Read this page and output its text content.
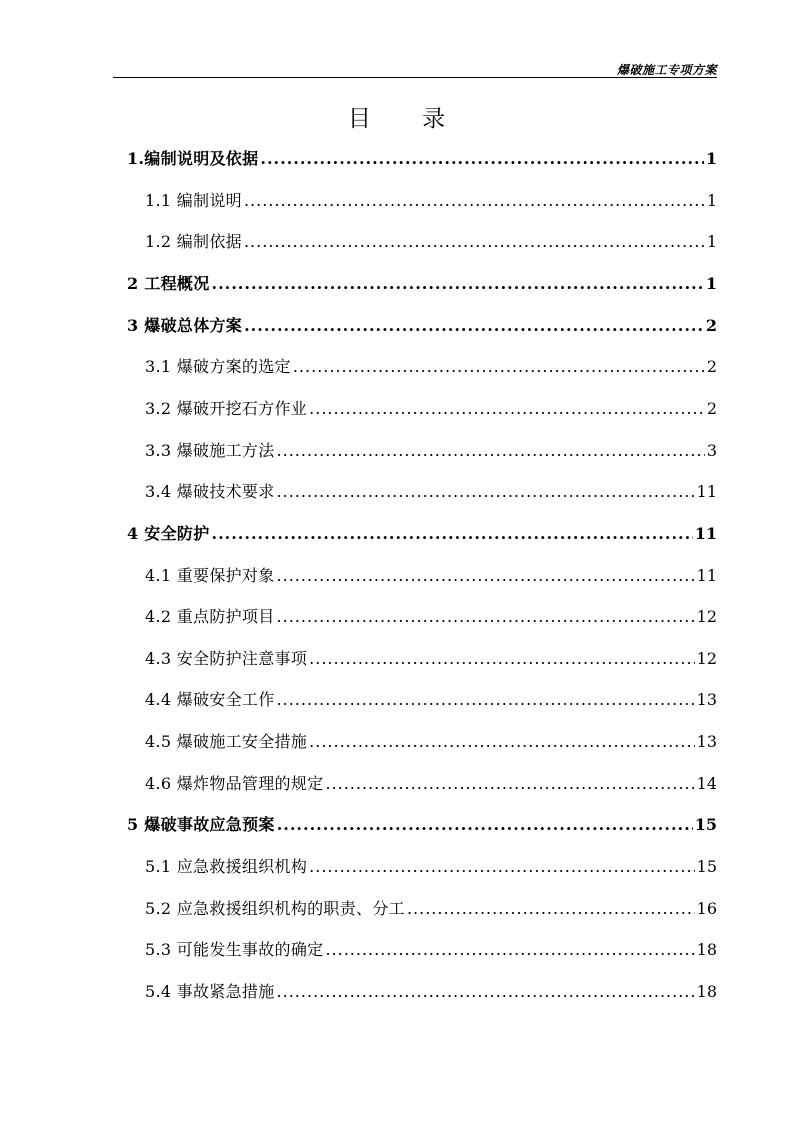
爆破施工专项方案
目 录
1.编制说明及依据 .....	1
1.1 编制说明 .....	1
1.2 编制依据 .....	1
2 工程概况 .....	1
3 爆破总体方案 .....	2
3.1 爆破方案的选定 .....	2
3.2 爆破开挖石方作业 .....	2
3.3 爆破施工方法 .....	3
3.4 爆破技术要求 .....	11
4 安全防护 .....	11
4.1 重要保护对象 .....	11
4.2 重点防护项目 .....	12
4.3 安全防护注意事项 .....	12
4.4 爆破安全工作 .....	13
4.5 爆破施工安全措施 .....	13
4.6 爆炸物品管理的规定 .....	14
5 爆破事故应急预案 .....	15
5.1 应急救援组织机构 .....	15
5.2 应急救援组织机构的职责、分工 .....	16
5.3 可能发生事故的确定 .....	18
5.4 事故紧急措施 .....	18
